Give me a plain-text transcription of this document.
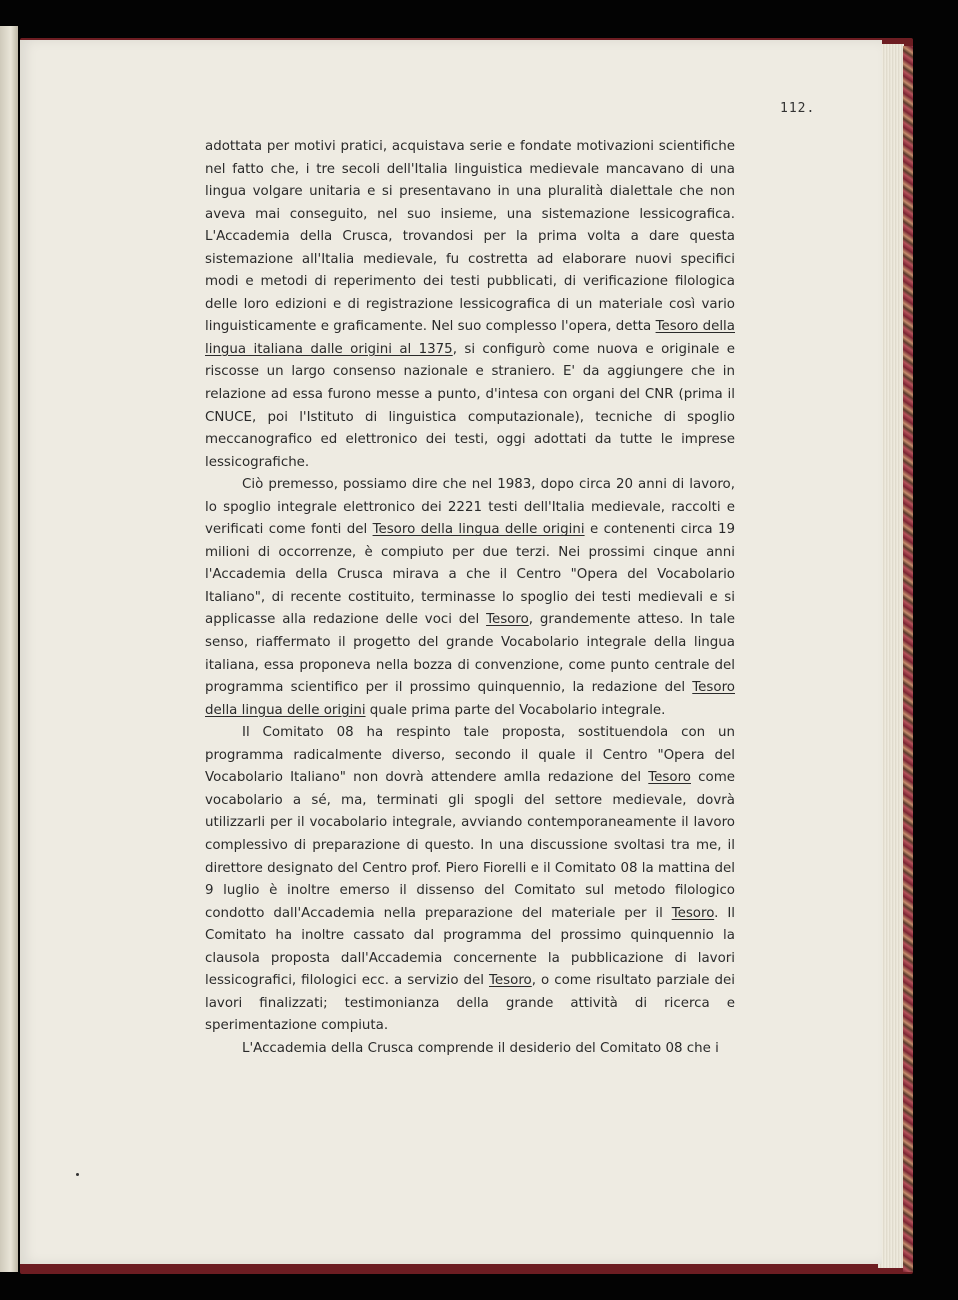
112.

adottata per motivi pratici, acquistava serie e fondate motivazioni scientifiche nel fatto che, i tre secoli dell'Italia linguistica medievale mancavano di una lingua volgare unitaria e si presentavano in una pluralità dialettale che non aveva mai conseguito, nel suo insieme, una sistemazione lessicografica. L'Accademia della Crusca, trovandosi per la prima volta a dare questa sistemazione all'Italia medievale, fu costretta ad elaborare nuovi specifici modi e metodi di reperimento dei testi pubblicati, di verificazione filologica delle loro edizioni e di registrazione lessicografica di un materiale così vario linguisticamente e graficamente. Nel suo complesso l'opera, detta Tesoro della lingua italiana dalle origini al 1375, si configurò come nuova e originale e riscosse un largo consenso nazionale e straniero. E' da aggiungere che in relazione ad essa furono messe a punto, d'intesa con organi del CNR (prima il CNUCE, poi l'Istituto di linguistica computazionale), tecniche di spoglio meccanografico ed elettronico dei testi, oggi adottati da tutte le imprese lessicografiche.

Ciò premesso, possiamo dire che nel 1983, dopo circa 20 anni di lavoro, lo spoglio integrale elettronico dei 2221 testi dell'Italia medievale, raccolti e verificati come fonti del Tesoro della lingua delle origini e contenenti circa 19 milioni di occorrenze, è compiuto per due terzi. Nei prossimi cinque anni l'Accademia della Crusca mirava a che il Centro "Opera del Vocabolario Italiano", di recente costituito, terminasse lo spoglio dei testi medievali e si applicasse alla redazione delle voci del Tesoro, grandemente atteso. In tale senso, riaffermato il progetto del grande Vocabolario integrale della lingua italiana, essa proponeva nella bozza di convenzione, come punto centrale del programma scientifico per il prossimo quinquennio, la redazione del Tesoro della lingua delle origini quale prima parte del Vocabolario integrale.

Il Comitato 08 ha respinto tale proposta, sostituendola con un programma radicalmente diverso, secondo il quale il Centro "Opera del Vocabolario Italiano" non dovrà attendere amlla redazione del Tesoro come vocabolario a sé, ma, terminati gli spogli del settore medievale, dovrà utilizzarli per il vocabolario integrale, avviando contemporaneamente il lavoro complessivo di preparazione di questo. In una discussione svoltasi tra me, il direttore designato del Centro prof. Piero Fiorelli e il Comitato 08 la mattina del 9 luglio è inoltre emerso il dissenso del Comitato sul metodo filologico condotto dall'Accademia nella preparazione del materiale per il Tesoro. Il Comitato ha inoltre cassato dal programma del prossimo quinquennio la clausola proposta dall'Accademia concernente la pubblicazione di lavori lessicografici, filologici ecc. a servizio del Tesoro, o come risultato parziale dei lavori finalizzati; testimonianza della grande attività di ricerca e sperimentazione compiuta.

L'Accademia della Crusca comprende il desiderio del Comitato 08 che i
